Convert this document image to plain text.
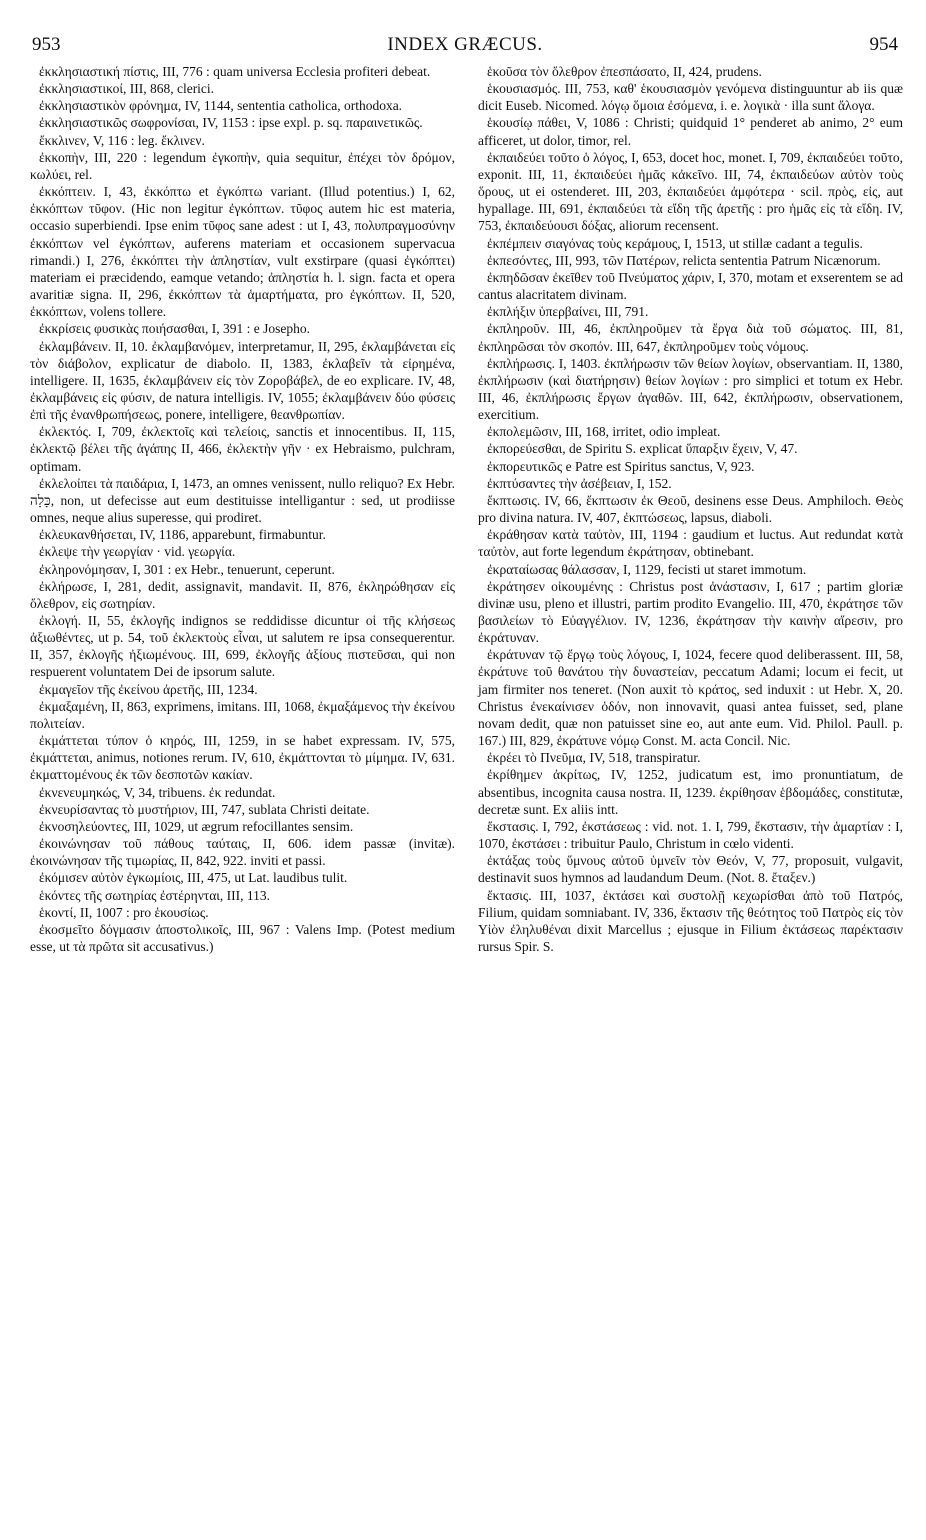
INDEX GRÆCUS.
953	954

ἐκκλησιαστική πίστις, III, 776 : quam universa Ecclesia profiteri debeat.

ἐκκλησιαστικοί, III, 868, clerici.

ἐκκλησιαστικὸν φρόνημα, IV, 1144, sententia catholica, orthodoxa.

ἐκκλησιαστικῶς σωφρονίσαι, IV, 1153 : ipse expl. p. sq. παραινετικῶς.

ἔκκλινεν, V, 116 : leg. ἔκλινεν.

ἐκκοπὴν, III, 220 : legendum ἐγκοπὴν, quia sequitur, ἐπέχει τὸν δρόμον, κωλύει, rel.

ἐκκόπτειν. I, 43, ἐκκόπτω et ἐγκόπτω variant. (Illud potentius.) I, 62, ἐκκόπτων τῦφον. (Hic non legitur ἐγκόπτων. τῦφος autem hic est materia, occasio superbiendi. Ipse enim τῦφος sane adest : ut I, 43, πολυπραγμοσύνην ἐκκόπτων vel ἐγκόπτων, auferens materiam et occasionem supervacua rimandi.) I, 276, ἐκκόπτει τὴν ἀπληστίαν, vult exstirpare (quasi ἐγκόπτει) materiam ei præcidendo, eamque vetando; ἀπληστία h. l. sign. facta et opera avaritiæ signa. II, 296, ἐκκόπτων τὰ ἁμαρτήματα, pro ἐγκόπτων. II, 520, ἐκκόπτων, volens tollere.

ἐκκρίσεις φυσικὰς ποιήσασθαι, I, 391 : e Josepho.

ἐκλαμβάνειν. II, 10. ἐκλαμβανόμεν, interpretamur, II, 295, ἐκλαμβάνεται εἰς τὸν διάβολον, explicatur de diabolo. II, 1383, ἐκλαβεῖν τὰ εἰρημένα, intelligere. II, 1635, ἐκλαμβάνειν εἰς τὸν Ζοροβάβελ, de eo explicare. IV, 48, ἐκλαμβάνεις εἰς φύσιν, de natura intelligis. IV, 1055; ἐκλαμβάνειν δύο φύσεις ἐπὶ τῆς ἐνανθρωπήσεως, ponere, intelligere, θεανθρωπίαν.

ἐκλεκτός. I, 709, ἐκλεκτοῖς καὶ τελείοις, sanctis et innocentibus. II, 115, ἐκλεκτῷ βέλει τῆς ἀγάπης II, 466, ἐκλεκτὴν γῆν · ex Hebraismo, pulchram, optimam.

ἐκλελοίπει τὰ παιδάρια, I, 1473, an omnes venissent, nullo reliquo? Ex Hebr. כָּלָה, non, ut defecisse aut eum destituisse intelligantur : sed, ut prodiisse omnes, neque alius superesse, qui prodiret.

ἐκλευκανθήσεται, IV, 1186, apparebunt, firmabuntur.

ἐκλεψε τὴν γεωργίαν · vid. γεωργία.

ἐκληρονόμησαν, I, 301 : ex Hebr., tenuerunt, ceperunt.

ἐκλήρωσε, I, 281, dedit, assignavit, mandavit. II, 876, ἐκληρώθησαν εἰς ὄλεθρον, εἰς σωτηρίαν.

ἐκλογή. II, 55, ἐκλογῆς indignos se reddidisse dicuntur οἱ τῆς κλήσεως ἀξιωθέντες, ut p. 54, τοῦ ἐκλεκτοὺς εἶναι, ut salutem re ipsa consequerentur. II, 357, ἐκλογῆς ἠξιωμένους. III, 699, ἐκλογῆς ἀξίους πιστεῦσαι, qui non respuerent voluntatem Dei de ipsorum salute.

ἐκμαγεῖον τῆς ἐκείνου ἀρετῆς, III, 1234.

ἐκμαξαμένη, II, 863, exprimens, imitans. III, 1068, ἐκμαξάμενος τὴν ἐκείνου πολιτείαν.

ἐκμάττεται τύπον ὁ κηρός, III, 1259, in se habet expressam. IV, 575, ἐκμάττεται, animus, notiones rerum. IV, 610, ἐκμάττονται τὸ μίμημα. IV, 631. ἐκματτομένους ἐκ τῶν δεσποτῶν κακίαν.

ἐκνενευμηκώς, V, 34, tribuens. ἐκ redundat.

ἐκνευρίσαντας τὸ μυστήριον, III, 747, sublata Christi deitate.

ἐκνοσηλεύοντες, III, 1029, ut ægrum refocillantes sensim.

ἐκοινώνησαν τοῦ πάθους ταύταις, II, 606. idem passæ (invitæ). ἐκοινώνησαν τῆς τιμωρίας, II, 842, 922. inviti et passi.

ἐκόμισεν αὐτὸν ἐγκωμίοις, III, 475, ut Lat. laudibus tulit.

ἑκόντες τῆς σωτηρίας ἐστέρηνται, III, 113.

ἑκοντί, II, 1007 : pro ἑκουσίως.

ἐκοσμεῖτο δόγμασιν ἀποστολικοῖς, III, 967 : Valens Imp. (Potest medium esse, ut τὰ πρῶτα sit accusativus.)

ἑκοῦσα τὸν ὄλεθρον ἐπεσπάσατο, II, 424, prudens.

ἑκουσιασμός. III, 753, καθ' ἑκουσιασμὸν γενόμενα distinguuntur ab iis quæ dicit Euseb. Nicomed. λόγῳ ὅμοια ἐσόμενα, i. e. λογικὰ · illa sunt ἄλογα.

ἑκουσίῳ πάθει, V, 1086 : Christi; quidquid 1° penderet ab animo, 2° eum afficeret, ut dolor, timor, rel.

ἐκπαιδεύει τοῦτο ὁ λόγος, I, 653, docet hoc, monet. I, 709, ἐκπαιδεύει τοῦτο, exponit. III, 11, ἐκπαιδεύει ἡμᾶς κἀκεῖνο. III, 74, ἐκπαιδεύων αὐτὸν τοὺς ὅρους, ut ei ostenderet. III, 203, ἐκπαιδεύει ἀμφότερα · scil. πρὸς, εἰς, aut hypallage. III, 691, ἐκπαιδεύει τὰ εἴδη τῆς ἀρετῆς : pro ἡμᾶς εἰς τὰ εἴδη. IV, 753, ἐκπαιδεύουσι δόξας, aliorum recensent.

ἐκπέμπειν σιαγόνας τοὺς κεράμους, I, 1513, ut stillæ cadant a tegulis.

ἐκπεσόντες, III, 993, τῶν Πατέρων, relicta sententia Patrum Nicænorum.

ἐκπηδῶσαν ἐκεῖθεν τοῦ Πνεύματος χάριν, I, 370, motam et exserentem se ad cantus alacritatem divinam.

ἐκπλήξιν ὑπερβαίνει, III, 791.

ἐκπληροῦν. III, 46, ἐκπληροῦμεν τὰ ἔργα διὰ τοῦ σώματος. III, 81, ἐκπληρῶσαι τὸν σκοπόν. III, 647, ἐκπληροῦμεν τοὺς νόμους.

ἐκπλήρωσις. I, 1403. ἐκπλήρωσιν τῶν θείων λογίων, observantiam. II, 1380, ἐκπλήρωσιν (καὶ διατήρησιν) θείων λογίων : pro simplici et totum ex Hebr. III, 46, ἐκπλήρωσις ἔργων ἀγαθῶν. III, 642, ἐκπλήρωσιν, observationem, exercitium.

ἐκπολεμῶσιν, III, 168, irritet, odio impleat.

ἐκπορεύεσθαι, de Spiritu S. explicat ὕπαρξιν ἔχειν, V, 47.

ἐκπορευτικῶς e Patre est Spiritus sanctus, V, 923.

ἐκπτύσαντες τὴν ἀσέβειαν, I, 152.

ἔκπτωσις. IV, 66, ἔκπτωσιν ἐκ Θεοῦ, desinens esse Deus. Amphiloch. Θεὸς pro divina natura. IV, 407, ἐκπτώσεως, lapsus, diaboli.

ἐκράθησαν κατὰ ταὐτὸν, III, 1194 : gaudium et luctus. Aut redundat κατὰ ταὐτὸν, aut forte legendum ἐκράτησαν, obtinebant.

ἐκραταίωσας θάλασσαν, I, 1129, fecisti ut staret immotum.

ἐκράτησεν οἰκουμένης : Christus post ἀνάστασιν, I, 617 ; partim gloriæ divinæ usu, pleno et illustri, partim prodito Evangelio. III, 470, ἐκράτησε τῶν βασιλείων τὸ Εὐαγγέλιον. IV, 1236, ἐκράτησαν τὴν καινὴν αἵρεσιν, pro ἐκράτυναν.

ἐκράτυναν τῷ ἔργῳ τοὺς λόγους, I, 1024, fecere quod deliberassent. III, 58, ἐκράτυνε τοῦ θανάτου τὴν δυναστείαν, peccatum Adami; locum ei fecit, ut jam firmiter nos teneret. (Non auxit τὸ κράτος, sed induxit : ut Hebr. X, 20. Christus ἐνεκαίνισεν ὁδόν, non innovavit, quasi antea fuisset, sed, plane novam dedit, quæ non patuisset sine eo, aut ante eum. Vid. Philol. Paull. p. 167.) III, 829, ἐκράτυνε νόμῳ Const. M. acta Concil. Nic.

ἐκρέει τὸ Πνεῦμα, IV, 518, transpiratur.

ἐκρίθημεν ἀκρίτως, IV, 1252, judicatum est, imo pronuntiatum, de absentibus, incognita causa nostra. II, 1239. ἐκρίθησαν ἑβδομάδες, constitutæ, decretæ sunt. Ex aliis intt.

ἔκστασις. I, 792, ἐκστάσεως : vid. not. 1. I, 799, ἔκστασιν, τὴν ἁμαρτίαν : I, 1070, ἐκστάσει : tribuitur Paulo, Christum in cœlo videnti.

ἐκτάξας τοὺς ὕμνους αὐτοῦ ὑμνεῖν τὸν Θεόν, V, 77, proposuit, vulgavit, destinavit suos hymnos ad laudandum Deum. (Not. 8. ἔταξεν.)

ἔκτασις. III, 1037, ἐκτάσει καὶ συστολῇ κεχωρίσθαι ἀπὸ τοῦ Πατρός, Filium, quidam somniabant. IV, 336, ἔκτασιν τῆς θεότητος τοῦ Πατρὸς εἰς τὸν Υἱὸν ἐληλυθέναι dixit Marcellus ; ejusque in Filium ἐκτάσεως παρέκτασιν rursus Spir. S.
